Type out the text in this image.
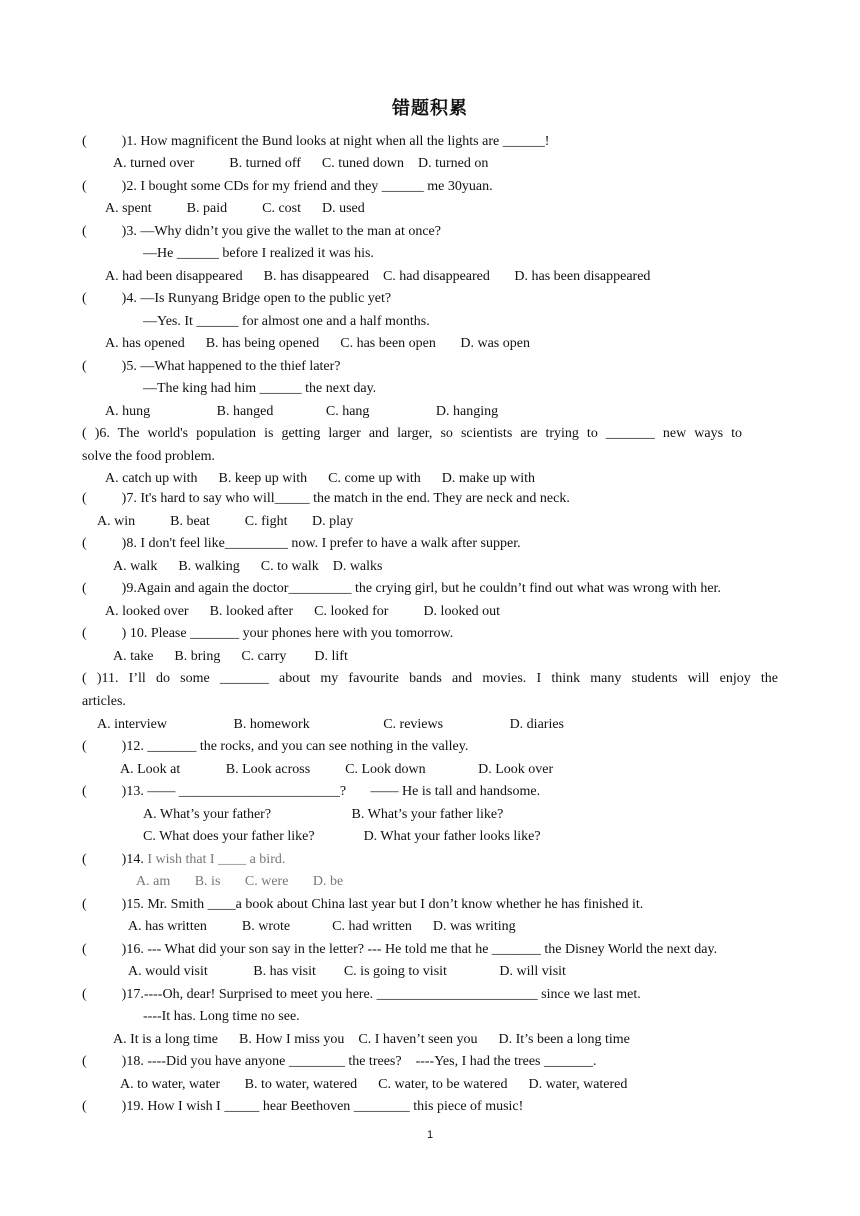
错题积累
(          )1. How magnificent the Bund looks at night when all the lights are ______!
A. turned over          B. turned off      C. tuned down    D. turned on
(          )2. I bought some CDs for my friend and they ______ me 30yuan.
A. spent          B. paid          C. cost      D. used
(          )3. —Why didn’t you give the wallet to the man at once?
—He ______ before I realized it was his.
A. had been disappeared      B. has disappeared    C. had disappeared       D. has been disappeared
(          )4. —Is Runyang Bridge open to the public yet?
—Yes. It ______ for almost one and a half months.
A. has opened      B. has being opened      C. has been open       D. was open
(          )5. —What happened to the thief later?
—The king had him ______ the next day.
A. hung                   B. hanged               C. hang                   D. hanging
( )6. The world's population is getting larger and larger, so scientists are trying to _______ new ways to
solve the food problem.
A. catch up with      B. keep up with      C. come up with      D. make up with
(          )7. It's hard to say who will_____ the match in the end. They are neck and neck.
A. win          B. beat          C. fight       D. play
(          )8. I don't feel like_________ now. I prefer to have a walk after supper.
A. walk      B. walking      C. to walk    D. walks
(          )9.Again and again the doctor_________ the crying girl, but he couldn’t find out what was wrong with her.
A. looked over      B. looked after      C. looked for          D. looked out
(          ) 10. Please _______ your phones here with you tomorrow.
A. take      B. bring      C. carry        D. lift
( )11. I’ll do some _______ about my favourite bands and movies. I think many students will enjoy the
articles.
A. interview                   B. homework                     C. reviews                   D. diaries
(          )12. _______ the rocks, and you can see nothing in the valley.
A. Look at             B. Look across          C. Look down               D. Look over
(          )13. —— _______________________?       —— He is tall and handsome.
A. What’s your father?                       B. What’s your father like?
C. What does your father like?              D. What your father looks like?
(          )14. I wish that I ____ a bird.
A. am       B. is       C. were       D. be
(          )15. Mr. Smith ____a book about China last year but I don’t know whether he has finished it.
A. has written          B. wrote            C. had written      D. was writing
(          )16. --- What did your son say in the letter? --- He told me that he _______ the Disney World the next day.
A. would visit             B. has visit        C. is going to visit               D. will visit
(          )17.----Oh, dear! Surprised to meet you here. _______________________ since we last met.
----It has. Long time no see.
A. It is a long time      B. How I miss you    C. I haven’t seen you      D. It’s been a long time
(          )18. ----Did you have anyone ________ the trees?    ----Yes, I had the trees _______.
A. to water, water       B. to water, watered      C. water, to be watered      D. water, watered
(          )19. How I wish I _____ hear Beethoven ________ this piece of music!
1
